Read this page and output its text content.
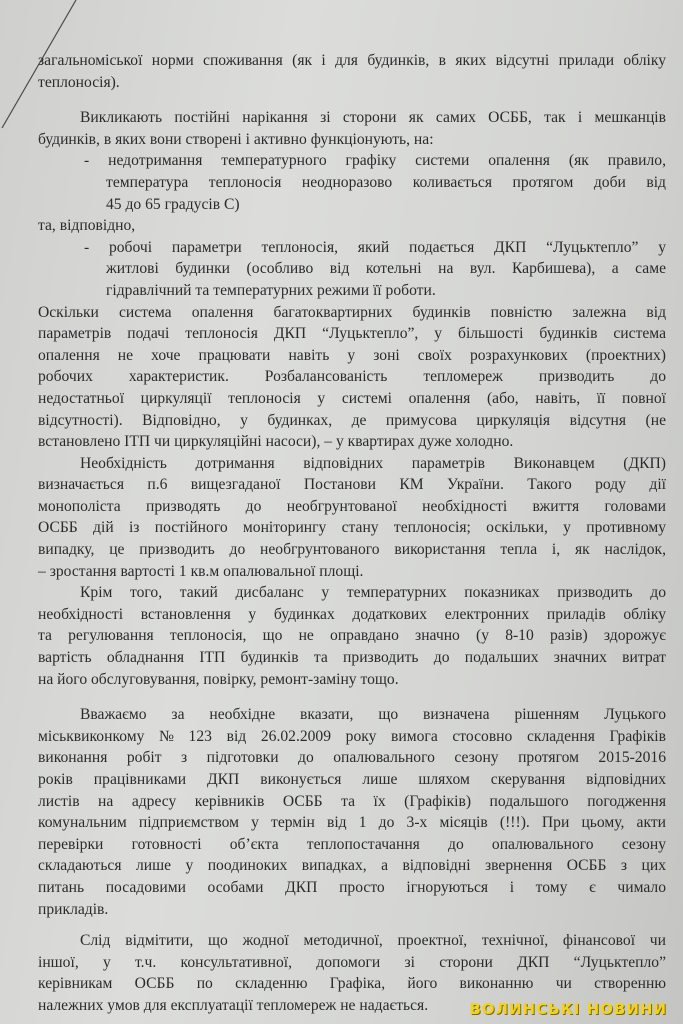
загальноміської норми споживання (як і для будинків, в яких відсутні прилади обліку
теплоносія).

Викликають постійні нарікання зі сторони як самих ОСББ, так і мешканців
будинків, в яких вони створені і активно функціонують, на:

- недотримання температурного графіку системи опалення (як правило,
температура теплоносія неодноразово коливається протягом доби від
45 до 65 градусів С)

та, відповідно,

- робочі параметри теплоносія, який подається ДКП “Луцьктепло” у
житлові будинки (особливо від котельні на вул. Карбишева), а саме
гідравлічний та температурних режими її роботи.

Оскільки система опалення багатоквартирних будинків повністю залежна від
параметрів подачі теплоносія ДКП “Луцьктепло”, у більшості будинків система
опалення не хоче працювати навіть у зоні своїх розрахункових (проектних)
робочих характеристик. Розбалансованість тепломереж призводить до
недостатньої циркуляції теплоносія у системі опалення (або, навіть, її повної
відсутності). Відповідно, у будинках, де примусова циркуляція відсутня (не
встановлено ІТП чи циркуляційні насоси), – у квартирах дуже холодно.

Необхідність дотримання відповідних параметрів Виконавцем (ДКП)
визначається п.6 вищезгаданої Постанови КМ України. Такого роду дії
монополіста призводять до необгрунтованої необхідності вжиття головами
ОСББ дій із постійного моніторингу стану теплоносія; оскільки, у противному
випадку, це призводить до необгрунтованого використання тепла і, як наслідок,
– зростання вартості 1 кв.м опалювальної площі.

Крім того, такий дисбаланс у температурних показниках призводить до
необхідності встановлення у будинках додаткових електронних приладів обліку
та регулювання теплоносія, що не оправдано значно (у 8-10 разів) здорожує
вартість обладнання ІТП будинків та призводить до подальших значних витрат
на його обслуговування, повірку, ремонт-заміну тощо.

Вважаємо за необхідне вказати, що визначена рішенням Луцького
міськвиконкому № 123 від 26.02.2009 року вимога стосовно складення Графіків
виконання робіт з підготовки до опалювального сезону протягом 2015-2016
років працівниками ДКП виконується лише шляхом скерування відповідних
листів на адресу керівників ОСББ та їх (Графіків) подальшого погодження
комунальним підприємством у термін від 1 до 3-х місяців (!!!). При цьому, акти
перевірки готовності об’єкта теплопостачання до опалювального сезону
складаються лише у поодиноких випадках, а відповідні звернення ОСББ з цих
питань посадовими особами ДКП просто ігноруються і тому є чимало
прикладів.

Слід відмітити, що жодної методичної, проектної, технічної, фінансової чи
іншої, у т.ч. консультативної, допомоги зі сторони ДКП “Луцьктепло”
керівникам ОСББ по складенню Графіка, його виконанню чи створенню
належних умов для експлуатації тепломереж не надається.	ВОЛИНСЬКІ НОВИНИ
